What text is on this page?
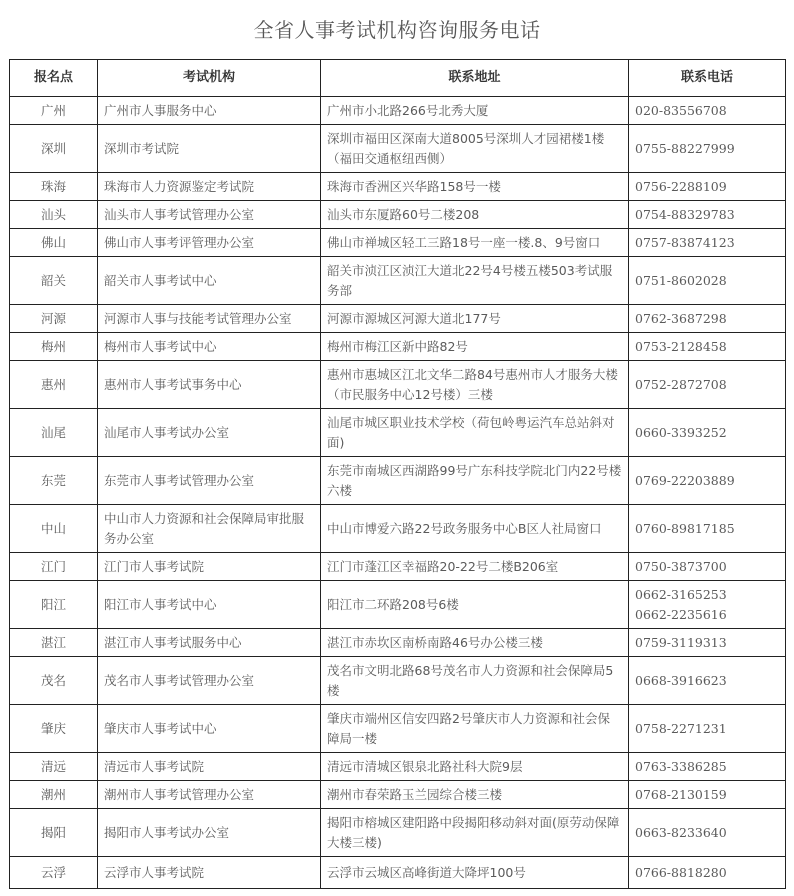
全省人事考试机构咨询服务电话
报名点	考试机构	联系地址	联系电话
广州	广州市人事服务中心	广州市小北路266号北秀大厦	020-83556708

深圳	深圳市考试院	深圳市福田区深南大道8005号深圳人才园裙楼1楼（福田交通枢纽西侧）	0755-88227999

珠海	珠海市人力资源鉴定考试院	珠海市香洲区兴华路158号一楼	0756-2288109

汕头	汕头市人事考试管理办公室	汕头市东厦路60号二楼208	0754-88329783

佛山	佛山市人事考评管理办公室	佛山市禅城区轻工三路18号一座一楼.8、9号窗口	0757-83874123

韶关	韶关市人事考试中心	韶关市浈江区浈江大道北22号4号楼五楼503考试服务部	0751-8602028

河源	河源市人事与技能考试管理办公室	河源市源城区河源大道北177号	0762-3687298

梅州	梅州市人事考试中心	梅州市梅江区新中路82号	0753-2128458

惠州	惠州市人事考试事务中心	惠州市惠城区江北文华二路84号惠州市人才服务大楼（市民服务中心12号楼）三楼	0752-2872708

汕尾	汕尾市人事考试办公室	汕尾市城区职业技术学校（荷包岭粤运汽车总站斜对面)	0660-3393252

东莞	东莞市人事考试管理办公室	东莞市南城区西湖路99号广东科技学院北门内22号楼六楼	0769-22203889

中山	中山市人力资源和社会保障局审批服务办公室	中山市博爱六路22号政务服务中心B区人社局窗口	0760-89817185

江门	江门市人事考试院	江门市蓬江区幸福路20-22号二楼B206室	0750-3873700

阳江	阳江市人事考试中心	阳江市二环路208号6楼	0662-3165253
0662-2235616

湛江	湛江市人事考试服务中心	湛江市赤坎区南桥南路46号办公楼三楼	0759-3119313

茂名	茂名市人事考试管理办公室	茂名市文明北路68号茂名市人力资源和社会保障局5楼	0668-3916623

肇庆	肇庆市人事考试中心	肇庆市端州区信安四路2号肇庆市人力资源和社会保障局一楼	0758-2271231

清远	清远市人事考试院	清远市清城区银泉北路社科大院9层	0763-3386285

潮州	潮州市人事考试管理办公室	潮州市春荣路玉兰园综合楼三楼	0768-2130159

揭阳	揭阳市人事考试办公室	揭阳市榕城区建阳路中段揭阳移动斜对面(原劳动保障大楼三楼)	0663-8233640

云浮	云浮市人事考试院	云浮市云城区高峰街道大降坪100号	0766-8818280
